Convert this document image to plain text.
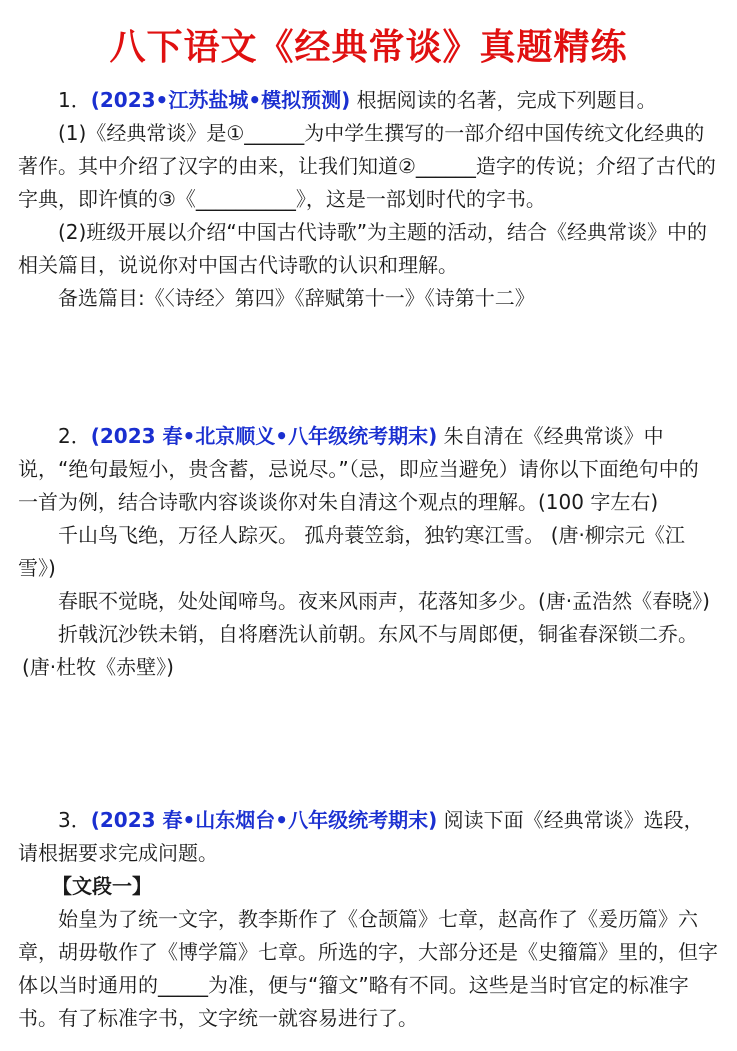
八下语文《经典常谈》真题精练

1．(2023•江苏盐城•模拟预测) 根据阅读的名著，完成下列题目。

(1)《经典常谈》是①______为中学生撰写的一部介绍中国传统文化经典的著作。其中介绍了汉字的由来，让我们知道②______造字的传说；介绍了古代的字典，即许慎的③《__________》，这是一部划时代的字书。

(2)班级开展以介绍“中国古代诗歌”为主题的活动，结合《经典常谈》中的相关篇目，说说你对中国古代诗歌的认识和理解。

备选篇目:《〈诗经〉第四》《辞赋第十一》《诗第十二》

2．(2023 春•北京顺义•八年级统考期末) 朱自清在《经典常谈》中说，“绝句最短小，贵含蓄，忌说尽。”（忌，即应当避免）请你以下面绝句中的一首为例，结合诗歌内容谈谈你对朱自清这个观点的理解。(100 字左右)

千山鸟飞绝，万径人踪灭。 孤舟蓑笠翁，独钓寒江雪。 (唐·柳宗元《江雪》)

春眠不觉晓，处处闻啼鸟。夜来风雨声，花落知多少。(唐·孟浩然《春晓》)

折戟沉沙铁未销，自将磨洗认前朝。东风不与周郎便，铜雀春深锁二乔。

(唐·杜牧《赤壁》)

3．(2023 春•山东烟台•八年级统考期末) 阅读下面《经典常谈》选段，请根据要求完成问题。

【文段一】

始皇为了统一文字，教李斯作了《仓颉篇》七章，赵高作了《爰历篇》六章，胡毋敬作了《博学篇》七章。所选的字，大部分还是《史籀篇》里的，但字体以当时通用的_____为准，便与“籀文”略有不同。这些是当时官定的标准字书。有了标准字书，文字统一就容易进行了。
